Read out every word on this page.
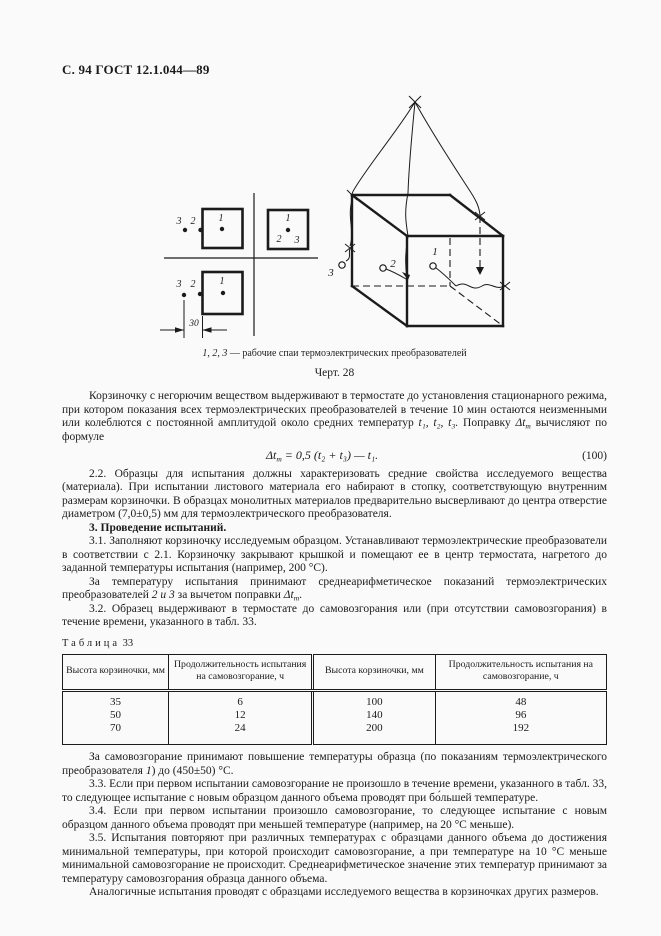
С. 94 ГОСТ 12.1.044—89
3 2 1	1
2 3
3 2 1
30
3
2
1
1, 2, 3 — рабочие спаи термоэлектрических преобразователей
Черт. 28

Корзиночку с негорючим веществом выдерживают в термостате до установления стационарного режима, при котором показания всех термоэлектрических преобразователей в течение 10 мин остаются неизменными или колеблются с постоянной амплитудой около средних температур t₁, t₂, t₃. Поправку $\Delta t_т$ вычисляют по формуле

$\Delta t_т = 0,5$ (t₂ + t₃) — t₁.	(100)

2.2. Образцы для испытания должны характеризовать средние свойства исследуемого вещества (материала). При испытании листового материала его набирают в стопку, соответствующую внутренним размерам корзиночки. В образцах монолитных материалов предварительно высверливают до центра отверстие диаметром (7,0±0,5) мм для термоэлектрического преобразователя.

3. Проведение испытаний.

3.1. Заполняют корзиночку исследуемым образцом. Устанавливают термоэлектрические преобразователи в соответствии с 2.1. Корзиночку закрывают крышкой и помещают ее в центр термостата, нагретого до заданной температуры испытания (например, 200 °С).

За температуру испытания принимают среднеарифметическое показаний термоэлектрических преобразователей 2 и 3 за вычетом поправки $\Delta t_т$.

3.2. Образец выдерживают в термостате до самовозгорания или (при отсутствии самовозгорания) в течение времени, указанного в табл. 33.

Таблица 33
Высота корзиночки, мм	Продолжительность испытания на самовозгорание, ч	Высота корзиночки, мм	Продолжительность испытания на самовозгорание, ч
35	6	100	48
50	12	140	96
70	24	200	192

За самовозгорание принимают повышение температуры образца (по показаниям термоэлектрического преобразователя 1) до (450±50) °С.

3.3. Если при первом испытании самовозгорание не произошло в течение времени, указанного в табл. 33, то следующее испытание с новым образцом данного объема проводят при бо́льшей температуре.

3.4. Если при первом испытании произошло самовозгорание, то следующее испытание с новым образцом данного объема проводят при меньшей температуре (например, на 20 °С меньше).

3.5. Испытания повторяют при различных температурах с образцами данного объема до достижения минимальной температуры, при которой происходит самовозгорание, а при температуре на 10 °С меньше минимальной самовозгорание не происходит. Среднеарифметическое значение этих температур принимают за температуру самовозгорания образца данного объема.

Аналогичные испытания проводят с образцами исследуемого вещества в корзиночках других размеров.
